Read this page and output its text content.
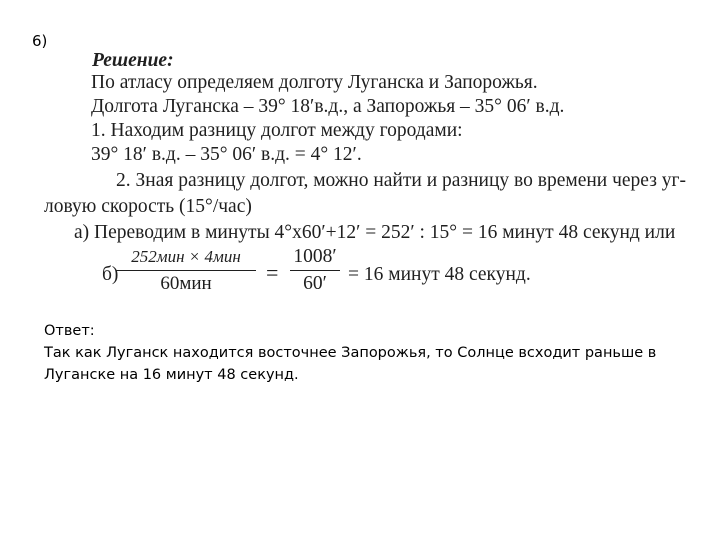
6)
Решение:
По атласу определяем долготу Луганска и Запорожья.
Долгота Луганска – 39° 18′в.д., а Запорожья – 35° 06′ в.д.
1. Находим разницу долгот между городами:
39° 18′ в.д. – 35° 06′ в.д. = 4° 12′.
2. Зная разницу долгот, можно найти и разницу во времени через уг-
ловую скорость (15°/час)
а) Переводим в минуты 4°x60′+12′ = 252′ : 15° = 16 минут 48 секунд или
б)
252мин × 4мин
60мин	=
1008′
60′	= 16 минут 48 секунд.
Ответ:
Так как Луганск находится восточнее Запорожья, то Солнце всходит раньше в Луганске на 16 минут 48 секунд.
